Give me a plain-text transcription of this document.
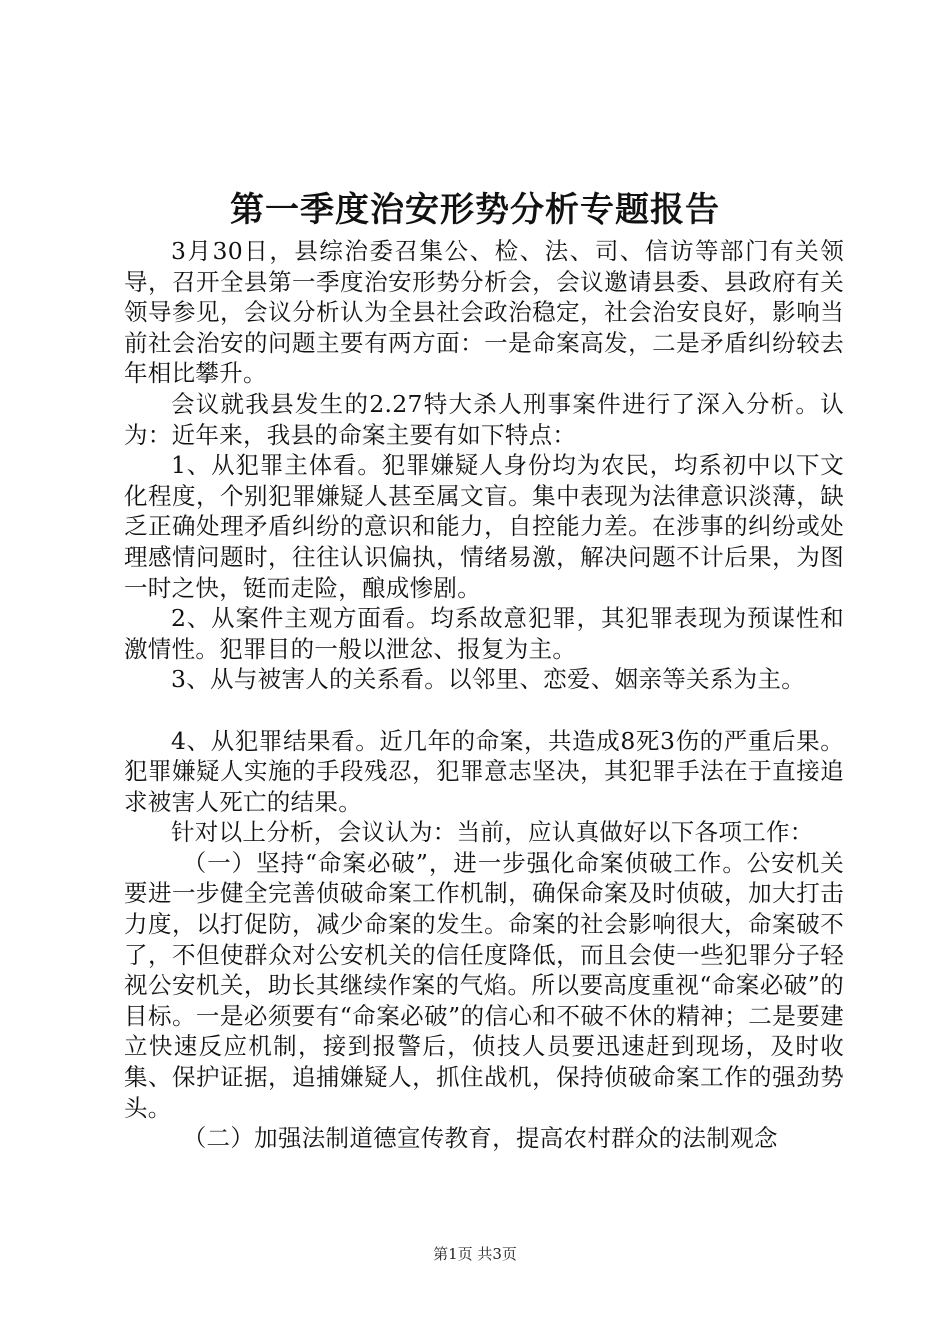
第一季度治安形势分析专题报告

3月30日，县综治委召集公、检、法、司、信访等部门有关领导，召开全县第一季度治安形势分析会，会议邀请县委、县政府有关领导参见，会议分析认为全县社会政治稳定，社会治安良好，影响当前社会治安的问题主要有两方面：一是命案高发，二是矛盾纠纷较去年相比攀升。

会议就我县发生的2.27特大杀人刑事案件进行了深入分析。认为：近年来，我县的命案主要有如下特点：

1、从犯罪主体看。犯罪嫌疑人身份均为农民，均系初中以下文化程度，个别犯罪嫌疑人甚至属文盲。集中表现为法律意识淡薄，缺乏正确处理矛盾纠纷的意识和能力，自控能力差。在涉事的纠纷或处理感情问题时，往往认识偏执，情绪易激，解决问题不计后果，为图一时之快，铤而走险，酿成惨剧。

2、从案件主观方面看。均系故意犯罪，其犯罪表现为预谋性和激情性。犯罪目的一般以泄忿、报复为主。

3、从与被害人的关系看。以邻里、恋爱、姻亲等关系为主。

4、从犯罪结果看。近几年的命案，共造成8死3伤的严重后果。犯罪嫌疑人实施的手段残忍，犯罪意志坚决，其犯罪手法在于直接追求被害人死亡的结果。

针对以上分析，会议认为：当前，应认真做好以下各项工作：

（一）坚持“命案必破”，进一步强化命案侦破工作。公安机关要进一步健全完善侦破命案工作机制，确保命案及时侦破，加大打击力度，以打促防，减少命案的发生。命案的社会影响很大，命案破不了，不但使群众对公安机关的信任度降低，而且会使一些犯罪分子轻视公安机关，助长其继续作案的气焰。所以要高度重视“命案必破”的目标。一是必须要有“命案必破”的信心和不破不休的精神；二是要建立快速反应机制，接到报警后，侦技人员要迅速赶到现场，及时收集、保护证据，追捕嫌疑人，抓住战机，保持侦破命案工作的强劲势头。

（二）加强法制道德宣传教育，提高农村群众的法制观念

第1页 共3页
